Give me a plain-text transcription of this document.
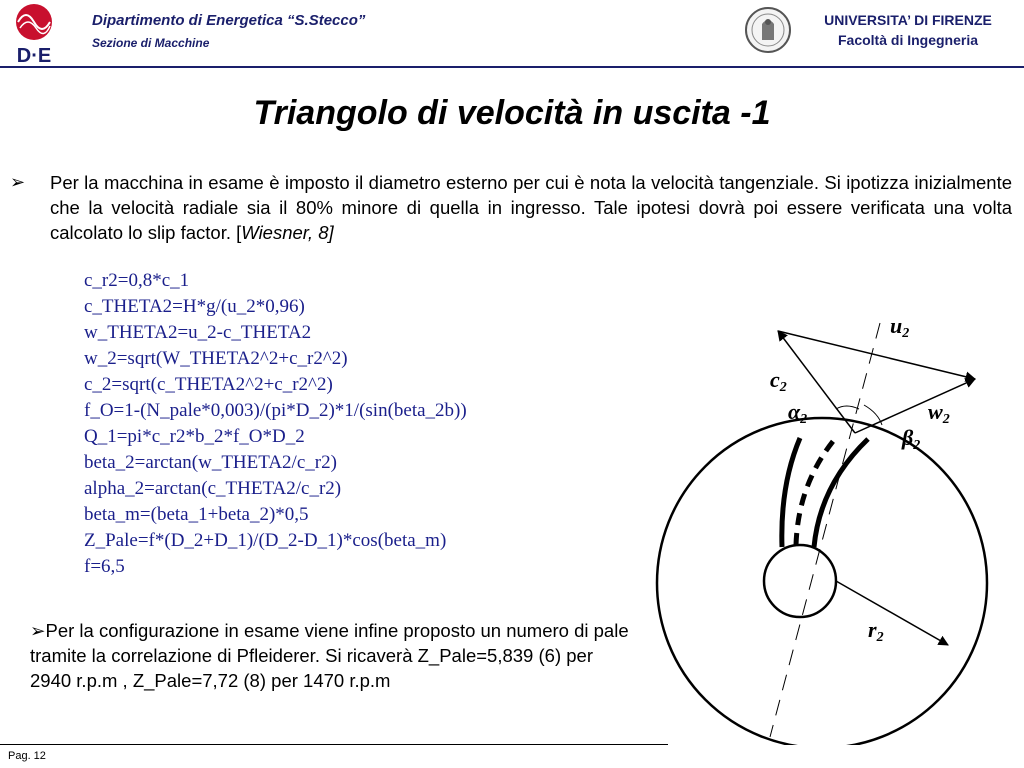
D·E
Dipartimento di Energetica “S.Stecco”
Sezione di Macchine
UNIVERSITA’ DI FIRENZE
Facoltà di Ingegneria
Triangolo di velocità in uscita -1
➢ Per la macchina in esame è imposto il diametro esterno per cui è nota la velocità tangenziale. Si ipotizza inizialmente che la velocità radiale sia il 80% minore di quella in ingresso. Tale ipotesi dovrà poi essere verificata una volta calcolato lo slip factor. [Wiesner, 8]
c_r2=0,8*c_1
c_THETA2=H*g/(u_2*0,96)
w_THETA2=u_2-c_THETA2
w_2=sqrt(W_THETA2^2+c_r2^2)
c_2=sqrt(c_THETA2^2+c_r2^2)
f_O=1-(N_pale*0,003)/(pi*D_2)*1/(sin(beta_2b))
Q_1=pi*c_r2*b_2*f_O*D_2
beta_2=arctan(w_THETA2/c_r2)
alpha_2=arctan(c_THETA2/c_r2)
beta_m=(beta_1+beta_2)*0,5
Z_Pale=f*(D_2+D_1)/(D_2-D_1)*cos(beta_m)
f=6,5
➢Per la configurazione in esame viene infine proposto un numero di pale tramite la correlazione di Pfleiderer. Si ricaverà Z_Pale=5,839 (6) per 2940 r.p.m , Z_Pale=7,72 (8) per 1470 r.p.m
u2
c2
α2	w2
β2
r2
Pag. 12
